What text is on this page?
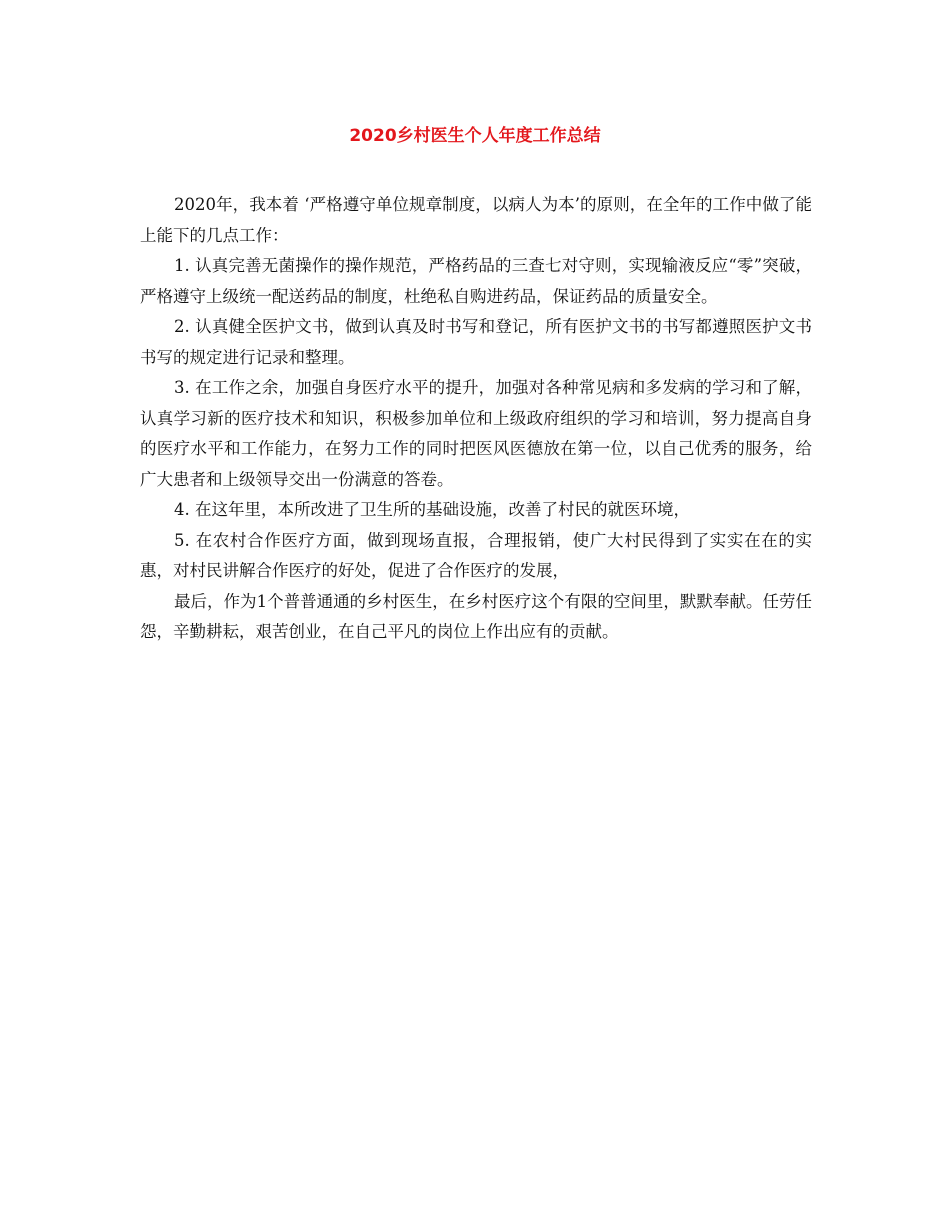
2020乡村医生个人年度工作总结

2020年，我本着 ‘严格遵守单位规章制度，以病人为本’的原则，在全年的工作中做了能上能下的几点工作：

1. 认真完善无菌操作的操作规范，严格药品的三查七对守则，实现输液反应“零”突破，严格遵守上级统一配送药品的制度，杜绝私自购进药品，保证药品的质量安全。

2. 认真健全医护文书，做到认真及时书写和登记，所有医护文书的书写都遵照医护文书书写的规定进行记录和整理。

3. 在工作之余，加强自身医疗水平的提升，加强对各种常见病和多发病的学习和了解，认真学习新的医疗技术和知识，积极参加单位和上级政府组织的学习和培训，努力提高自身的医疗水平和工作能力，在努力工作的同时把医风医德放在第一位，以自己优秀的服务，给广大患者和上级领导交出一份满意的答卷。

4. 在这年里，本所改进了卫生所的基础设施，改善了村民的就医环境，

5. 在农村合作医疗方面，做到现场直报，合理报销，使广大村民得到了实实在在的实惠，对村民讲解合作医疗的好处，促进了合作医疗的发展，

最后，作为1个普普通通的乡村医生，在乡村医疗这个有限的空间里，默默奉献。任劳任怨，辛勤耕耘，艰苦创业，在自己平凡的岗位上作出应有的贡献。
